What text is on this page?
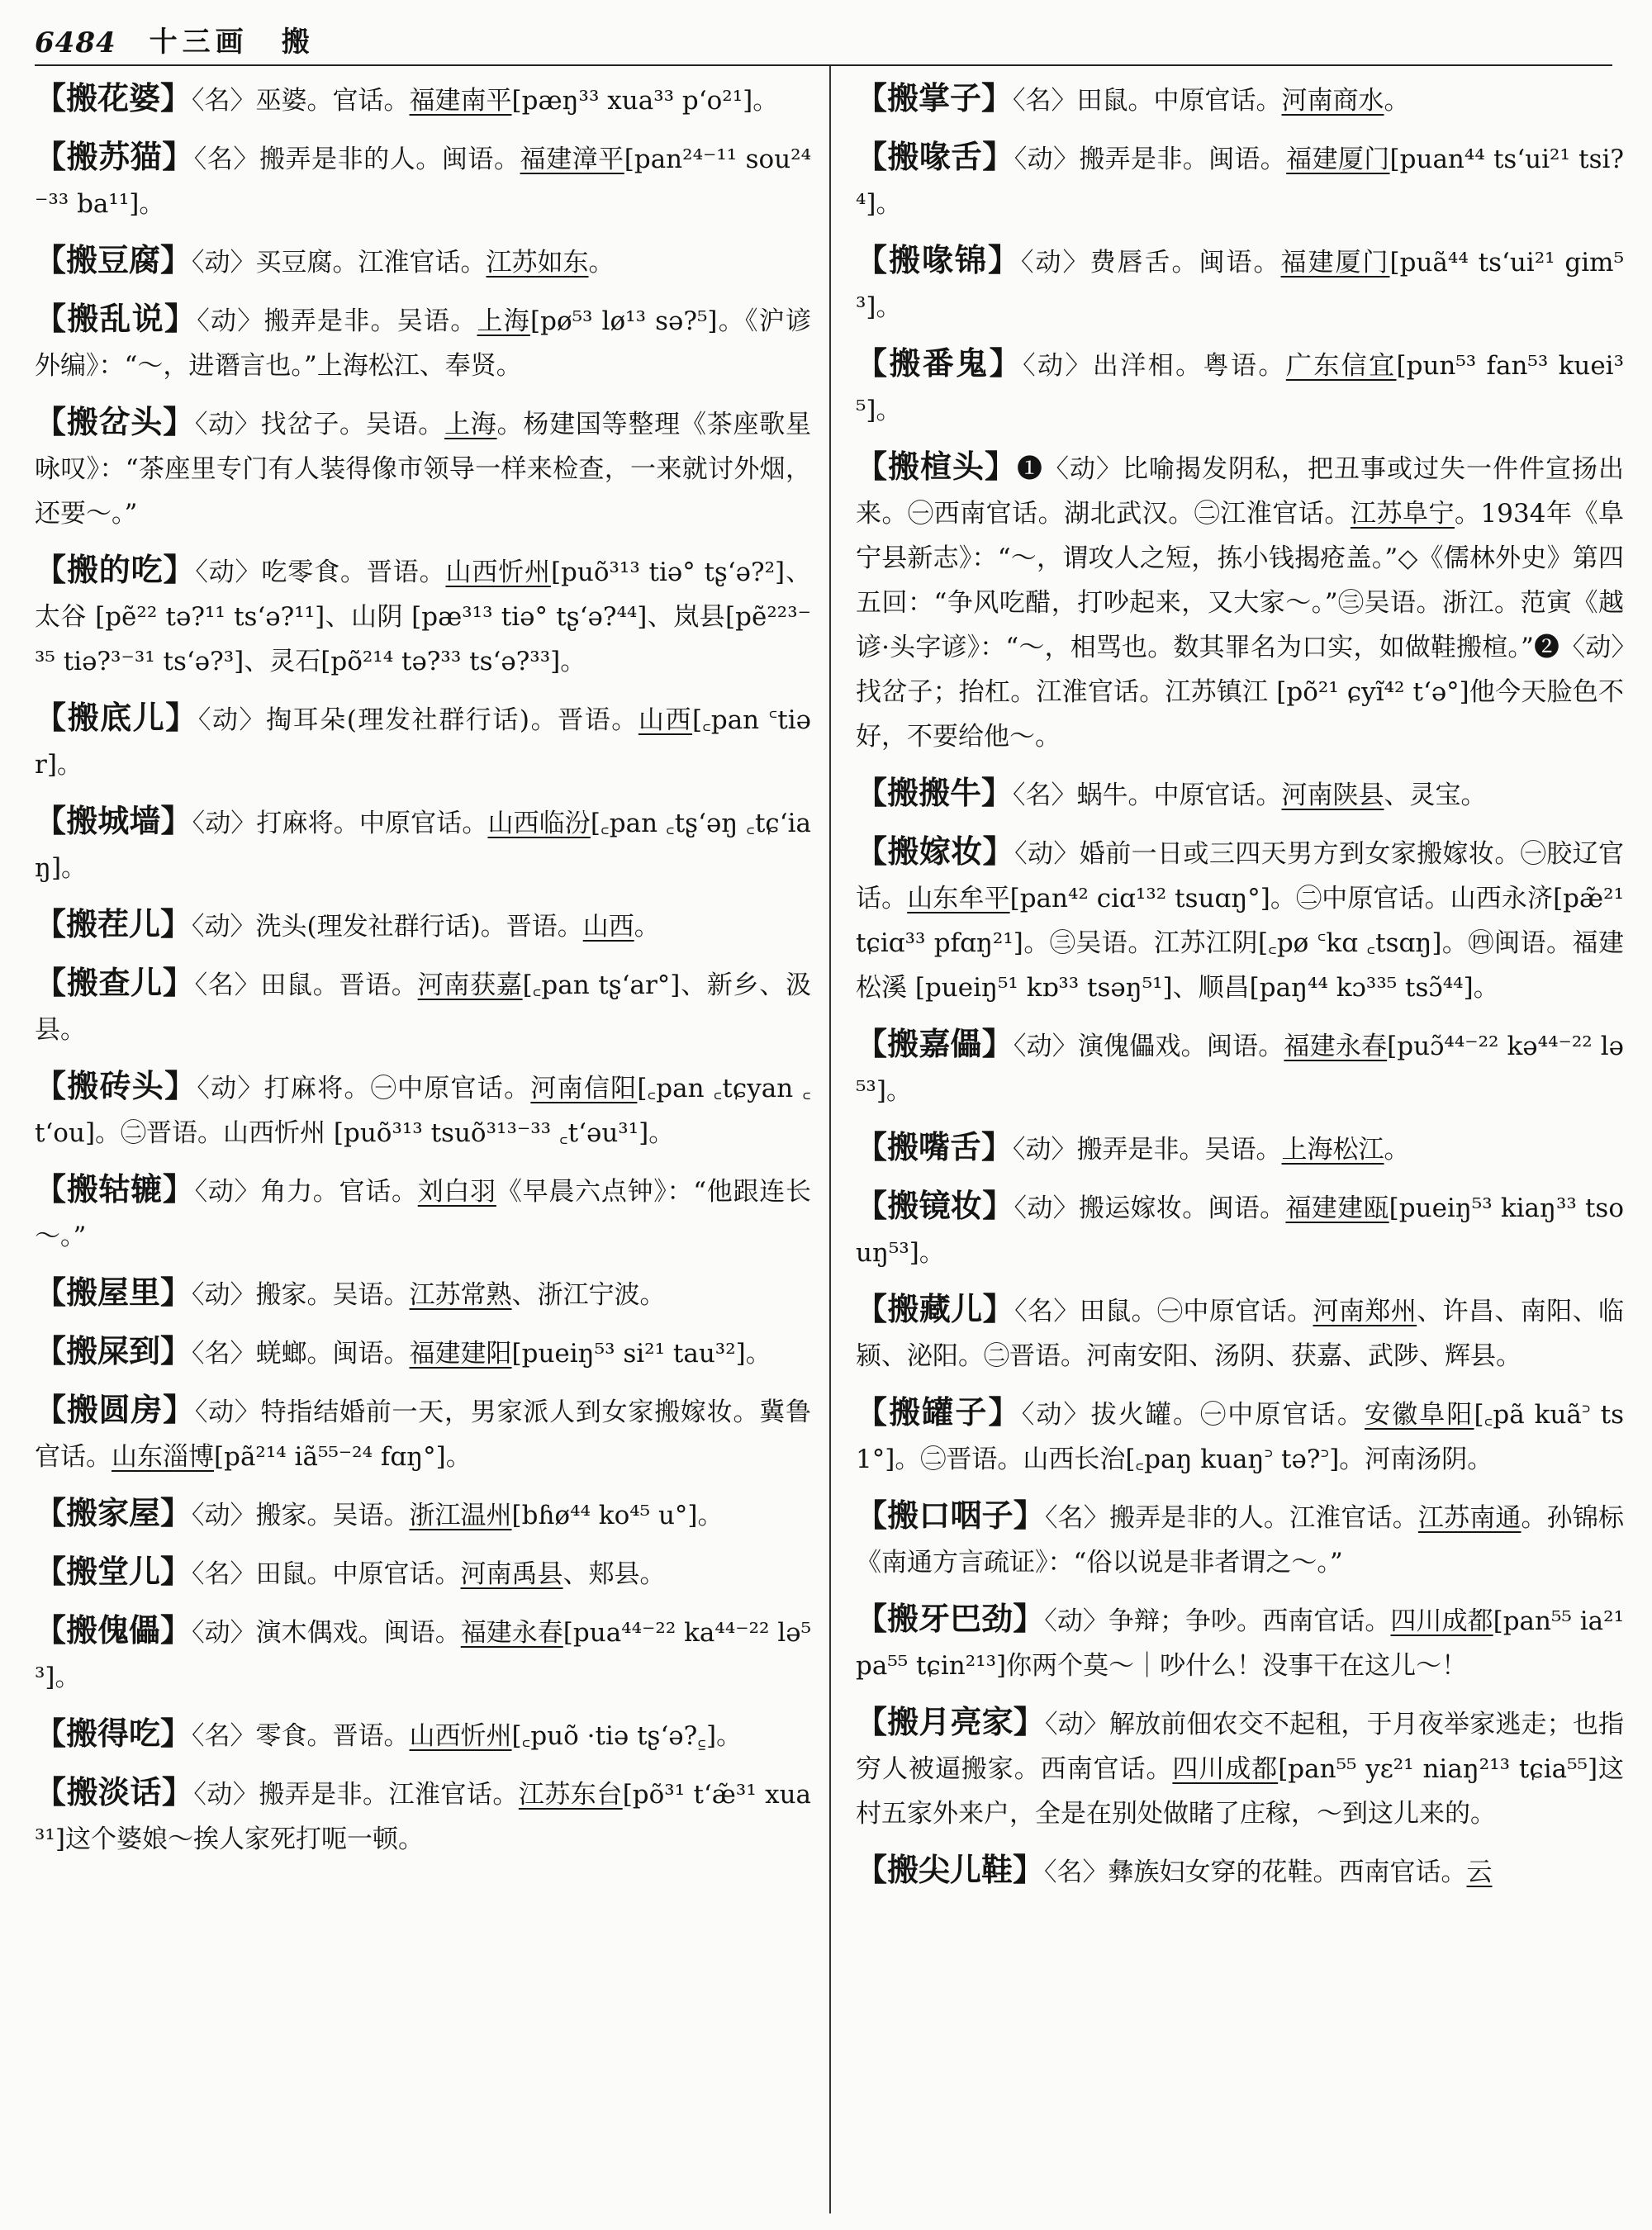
6484 十三画 搬
【搬花婆】〈名〉巫婆。官话。福建南平[pæŋ³³ xua³³ p‘o²¹]。
【搬苏猫】〈名〉搬弄是非的人。闽语。福建漳平[pan²⁴⁻¹¹ sou²⁴⁻³³ ba¹¹]。
【搬豆腐】〈动〉买豆腐。江淮官话。江苏如东。
【搬乱说】〈动〉搬弄是非。吴语。上海[pø⁵³ lø¹³ sə?⁵]。《沪谚外编》：“～，进谮言也。”上海松江、奉贤。
【搬岔头】〈动〉找岔子。吴语。上海。杨建国等整理《茶座歌星咏叹》：“茶座里专门有人装得像市领导一样来检查，一来就讨外烟，还要～。”
【搬的吃】〈动〉吃零食。晋语。山西忻州[puõ³¹³ tiə° tʂ‘ə?²]、太谷 [pẽ²² tə?¹¹ ts‘ə?¹¹]、山阴 [pæ³¹³ tiə° tʂ‘ə?⁴⁴]、岚县[pẽ²²³⁻³⁵ tiə?³⁻³¹ ts‘ə?³]、灵石[põ²¹⁴ tə?³³ ts‘ə?³³]。
【搬底儿】〈动〉掏耳朵(理发社群行话)。晋语。山西[꜀pan ꜂tiər]。
【搬城墙】〈动〉打麻将。中原官话。山西临汾[꜀pan ꜀tʂ‘əŋ ꜀tɕ‘iaŋ]。
【搬茬儿】〈动〉洗头(理发社群行话)。晋语。山西。
【搬查儿】〈名〉田鼠。晋语。河南获嘉[꜀pan tʂ‘ar°]、新乡、汲县。
【搬砖头】〈动〉打麻将。㊀中原官话。河南信阳[꜀pan ꜀tɕyan ꜀t‘ou]。㊁晋语。山西忻州 [puõ³¹³ tsuõ³¹³⁻³³ ꜀t‘əu³¹]。
【搬轱辘】〈动〉角力。官话。刘白羽《早晨六点钟》：“他跟连长～。”
【搬屋里】〈动〉搬家。吴语。江苏常熟、浙江宁波。
【搬屎到】〈名〉蜣螂。闽语。福建建阳[pueiŋ⁵³ si²¹ tau³²]。
【搬圆房】〈动〉特指结婚前一天，男家派人到女家搬嫁妆。冀鲁官话。山东淄博[pã²¹⁴ iã⁵⁵⁻²⁴ fɑŋ°]。
【搬家屋】〈动〉搬家。吴语。浙江温州[bɦø⁴⁴ ko⁴⁵ u°]。
【搬堂儿】〈名〉田鼠。中原官话。河南禹县、郏县。
【搬傀儡】〈动〉演木偶戏。闽语。福建永春[pua⁴⁴⁻²² ka⁴⁴⁻²² lə⁵³]。
【搬得吃】〈名〉零食。晋语。山西忻州[꜀puõ ·tiə tʂ‘ə?꜁]。
【搬淡话】〈动〉搬弄是非。江淮官话。江苏东台[põ³¹ t‘æ̃³¹ xua³¹]这个婆娘～挨人家死打呃一顿。
【搬掌子】〈名〉田鼠。中原官话。河南商水。
【搬喙舌】〈动〉搬弄是非。闽语。福建厦门[puan⁴⁴ ts‘ui²¹ tsi?⁴]。
【搬喙锦】〈动〉费唇舌。闽语。福建厦门[puã⁴⁴ ts‘ui²¹ gim⁵³]。
【搬番鬼】〈动〉出洋相。粤语。广东信宜[pun⁵³ fan⁵³ kuei³⁵]。
【搬楦头】❶〈动〉比喻揭发阴私，把丑事或过失一件件宣扬出来。㊀西南官话。湖北武汉。㊁江淮官话。江苏阜宁。1934年《阜宁县新志》：“～，谓攻人之短，拣小钱揭疮盖。”◇《儒林外史》第四五回：“争风吃醋，打吵起来，又大家～。”㊂吴语。浙江。范寅《越谚·头字谚》：“～，相骂也。数其罪名为口实，如做鞋搬楦。”❷〈动〉找岔子；抬杠。江淮官话。江苏镇江 [põ²¹ ɕyĩ⁴² t‘ə°]他今天脸色不好，不要给他～。
【搬搬牛】〈名〉蜗牛。中原官话。河南陕县、灵宝。
【搬嫁妆】〈动〉婚前一日或三四天男方到女家搬嫁妆。㊀胶辽官话。山东牟平[pan⁴² ciɑ¹³² tsuɑŋ°]。㊁中原官话。山西永济[pæ̃²¹ tɕiɑ³³ pfɑŋ²¹]。㊂吴语。江苏江阴[꜀pø ꜂kɑ ꜀tsɑŋ]。㊃闽语。福建松溪 [pueiŋ⁵¹ kɒ³³ tsəŋ⁵¹]、顺昌[paŋ⁴⁴ kɔ³³⁵ tsɔ̃⁴⁴]。
【搬嘉儡】〈动〉演傀儡戏。闽语。福建永春[puɔ̃⁴⁴⁻²² kə⁴⁴⁻²² lə⁵³]。
【搬嘴舌】〈动〉搬弄是非。吴语。上海松江。
【搬镜妆】〈动〉搬运嫁妆。闽语。福建建瓯[pueiŋ⁵³ kiaŋ³³ tsouŋ⁵³]。
【搬藏儿】〈名〉田鼠。㊀中原官话。河南郑州、许昌、南阳、临颍、泌阳。㊁晋语。河南安阳、汤阴、获嘉、武陟、辉县。
【搬罐子】〈动〉拔火罐。㊀中原官话。安徽阜阳[꜀pã kuã꜄ ts1°]。㊁晋语。山西长治[꜀paŋ kuaŋ꜄ tə?꜄]。河南汤阴。
【搬口咽子】〈名〉搬弄是非的人。江淮官话。江苏南通。孙锦标《南通方言疏证》：“俗以说是非者谓之～。”
【搬牙巴劲】〈动〉争辩；争吵。西南官话。四川成都[pan⁵⁵ ia²¹ pa⁵⁵ tɕin²¹³]你两个莫～｜吵什么！没事干在这儿～！
【搬月亮家】〈动〉解放前佃农交不起租，于月夜举家逃走；也指穷人被逼搬家。西南官话。四川成都[pan⁵⁵ yɛ²¹ niaŋ²¹³ tɕia⁵⁵]这村五家外来户，全是在别处做睹了庄稼，～到这儿来的。
【搬尖儿鞋】〈名〉彝族妇女穿的花鞋。西南官话。云
